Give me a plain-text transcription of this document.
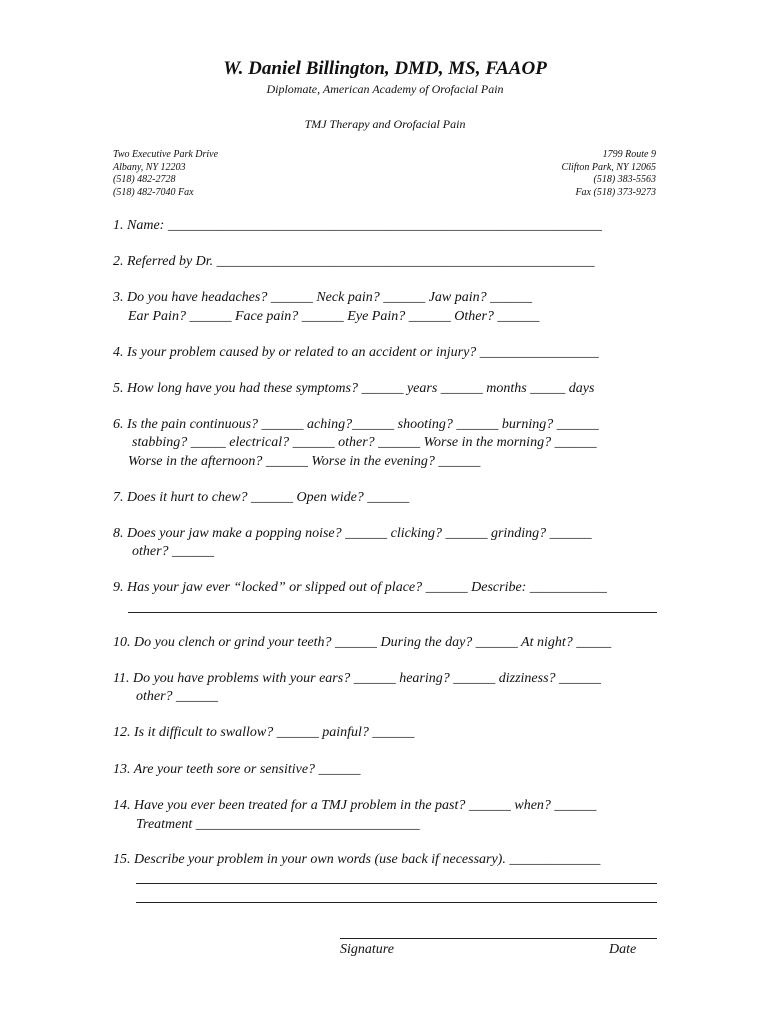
W. Daniel Billington, DMD, MS, FAAOP
Diplomate, American Academy of Orofacial Pain
TMJ Therapy and Orofacial Pain
Two Executive Park Drive
Albany, NY 12203
(518) 482-2728
(518) 482-7040 Fax
1799 Route 9
Clifton Park, NY 12065
(518) 383-5563
Fax (518) 373-9273
1. Name: ______________________________________________________________
2. Referred by Dr. ______________________________________________________
3. Do you have headaches? ______ Neck pain? ______ Jaw pain? ______
Ear Pain? ______ Face pain? ______ Eye Pain? ______ Other? ______
4. Is your problem caused by or related to an accident or injury? _________________
5. How long have you had these symptoms? ______ years ______ months _____ days
6. Is the pain continuous? ______ aching?______ shooting? ______ burning? ______
stabbing? _____ electrical? ______ other? ______ Worse in the morning? ______
Worse in the afternoon? ______ Worse in the evening? ______
7. Does it hurt to chew? ______ Open wide? ______
8. Does your jaw make a popping noise? ______ clicking? ______ grinding? ______
other? ______
9. Has your jaw ever “locked” or slipped out of place? ______ Describe: ___________
10. Do you clench or grind your teeth? ______ During the day? ______ At night? _____
11. Do you have problems with your ears? ______ hearing? ______ dizziness? ______
other? ______
12. Is it difficult to swallow? ______ painful? ______
13. Are your teeth sore or sensitive? ______
14. Have you ever been treated for a TMJ problem in the past? ______ when? ______
Treatment ________________________________
15. Describe your problem in your own words (use back if necessary). _____________
Signature	Date
